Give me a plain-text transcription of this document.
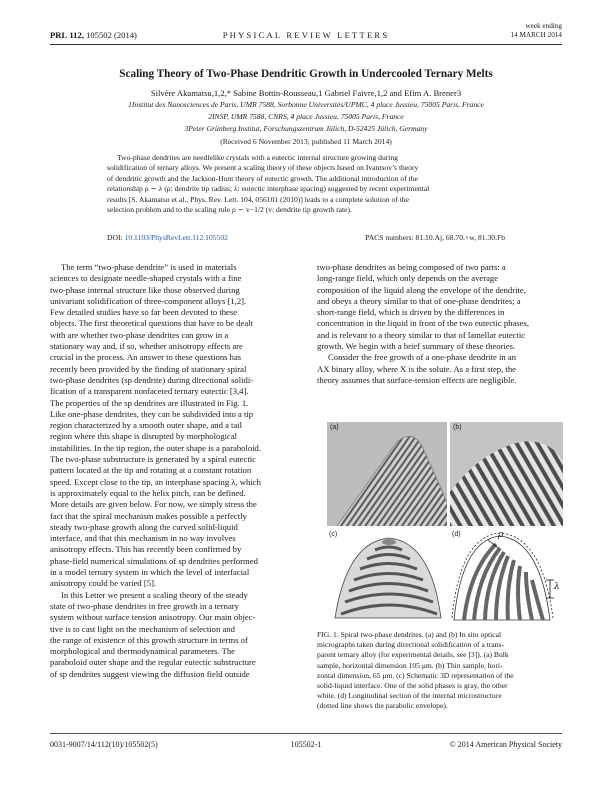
PRL 112, 105502 (2014)	PHYSICAL REVIEW LETTERS
week ending
14 MARCH 2014
Scaling Theory of Two-Phase Dendritic Growth in Undercooled Ternary Melts
Silvère Akamatsu,1,2,* Sabine Bottin-Rousseau,1 Gabriel Faivre,1,2 and Efim A. Brener3
1Institut des Nanosciences de Paris, UMR 7588, Sorbonne Universités/UPMC, 4 place Jussieu, 75005 Paris, France
2INSP, UMR 7588, CNRS, 4 place Jussieu, 75005 Paris, France
3Peter Grünberg Institut, Forschungszentrum Jülich, D-52425 Jülich, Germany
(Received 6 November 2013; published 11 March 2014)
Two-phase dendrites are needlelike crystals with a eutectic internal structure growing during
solidification of ternary alloys. We present a scaling theory of these objects based on Ivantsov’s theory
of dendritic growth and the Jackson-Hunt theory of eutectic growth. The additional introduction of the
relationship ρ ∼ λ (ρ: dendrite tip radius; λ: eutectic interphase spacing) suggested by recent experimental
results [S. Akamatsu et al., Phys. Rev. Lett. 104, 056101 (2010)] leads to a complete solution of the
selection problem and to the scaling rule ρ ∼ v−1/2 (v: dendrite tip growth rate).
DOI: 10.1103/PhysRevLett.112.105502	PACS numbers: 81.10.Aj, 68.70.+w, 81.30.Fb
The term “two-phase dendrite” is used in materials
sciences to designate needle-shaped crystals with a fine
two-phase internal structure like those observed during
univariant solidification of three-component alloys [1,2].
Few detailed studies have so far been devoted to these
objects. The first theoretical questions that have to be dealt
with are whether two-phase dendrites can grow in a
stationary way and, if so, whether anisotropy effects are
crucial in the process. An answer to these questions has
recently been provided by the finding of stationary spiral
two-phase dendrites (sp dendrite) during directional solidi-
fication of a transparent nonfaceted ternary eutectic [3,4].
The properties of the sp dendrites are illustrated in Fig. 1.
Like one-phase dendrites, they can be subdivided into a tip
region characterized by a smooth outer shape, and a tail
region where this shape is disrupted by morphological
instabilities. In the tip region, the outer shape is a paraboloid.
The two-phase substructure is generated by a spiral eutectic
pattern located at the tip and rotating at a constant rotation
speed. Except close to the tip, an interphase spacing λ, which
is approximately equal to the helix pitch, can be defined.
More details are given below. For now, we simply stress the
fact that the spiral mechanism makes possible a perfectly
steady two-phase growth along the curved solid-liquid
interface, and that this mechanism in no way involves
anisotropy effects. This has recently been confirmed by
phase-field numerical simulations of sp dendrites performed
in a model ternary system in which the level of interfacial
anisotropy could be varied [5].
In this Letter we present a scaling theory of the steady
state of two-phase dendrites in free growth in a ternary
system without surface tension anisotropy. Our main objec-
tive is to cast light on the mechanism of selection and
the range of existence of this growth structure in terms of
morphological and thermodynamical parameters. The
paraboloid outer shape and the regular eutectic substructure
of sp dendrites suggest viewing the diffusion field outside
two-phase dendrites as being composed of two parts: a
long-range field, which only depends on the average
composition of the liquid along the envelope of the dendrite,
and obeys a theory similar to that of one-phase dendrites; a
short-range field, which is driven by the differences in
concentration in the liquid in front of the two eutectic phases,
and is relevant to a theory similar to that of lamellar eutectic
growth. We begin with a brief summary of these theories.
Consider the free growth of a one-phase dendrite in an
AX binary alloy, where X is the solute. As a first step, the
theory assumes that surface-tension effects are negligible.
(a)	(b)
(c)	(d)	ρ
λ
FIG. 1. Spiral two-phase dendrites. (a) and (b) In situ optical
micrographs taken during directional solidification of a trans-
parent ternary alloy (for experimental details, see [3]). (a) Bulk
sample, horizontal dimension 105 μm. (b) Thin sample, hori-
zontal dimension, 65 μm. (c) Schematic 3D representation of the
solid-liquid interface. One of the solid phases is gray, the other
white. (d) Longitudinal section of the internal microstructure
(dotted line shows the parabolic envelope).
0031-9007/14/112(10)/105502(5)	105502-1	© 2014 American Physical Society
